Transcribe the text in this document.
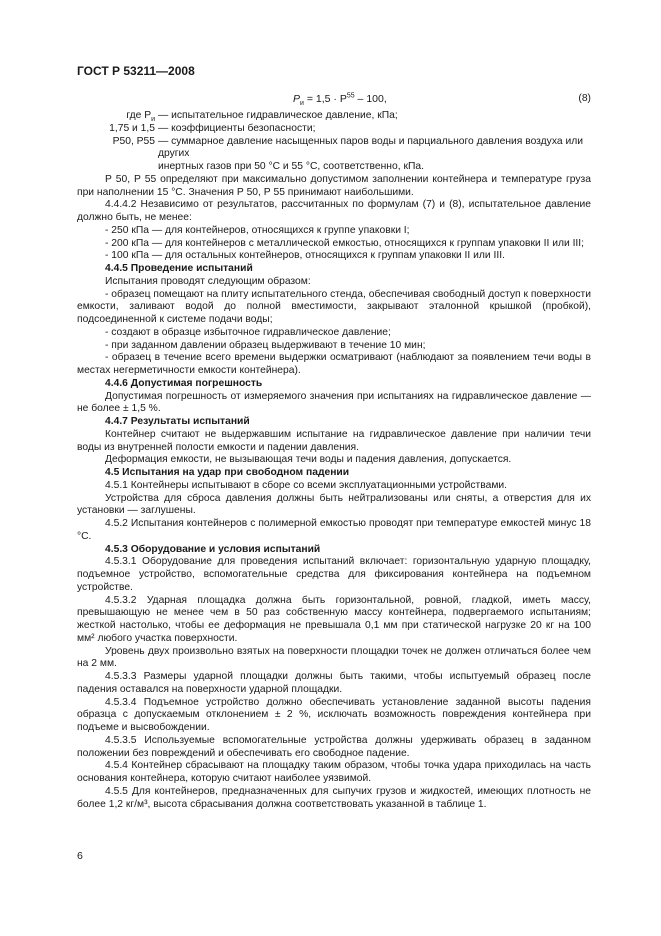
ГОСТ Р 53211—2008
$P_и = 1,5 \cdot P^{55} - 100$,	(8)
где $P_и$ — испытательное гидравлическое давление, кПа;
1,75 и 1,5 — коэффициенты безопасности;
P50, P55 — суммарное давление насыщенных паров воды и парциального давления воздуха или других
инертных газов при 50 °С и 55 °С, соответственно, кПа.

Р 50, Р 55 определяют при максимально допустимом заполнении контейнера и температуре груза при наполнении 15 °С. Значения Р 50, Р 55 принимают наибольшими.

4.4.4.2 Независимо от результатов, рассчитанных по формулам (7) и (8), испытательное давление должно быть, не менее:

- 250 кПа — для контейнеров, относящихся к группе упаковки I;

- 200 кПа — для контейнеров с металлической емкостью, относящихся к группам упаковки II или III;

- 100 кПа — для остальных контейнеров, относящихся к группам упаковки II или III.

4.4.5 Проведение испытаний

Испытания проводят следующим образом:

- образец помещают на плиту испытательного стенда, обеспечивая свободный доступ к поверхности емкости, заливают водой до полной вместимости, закрывают эталонной крышкой (пробкой), подсоединенной к системе подачи воды;

- создают в образце избыточное гидравлическое давление;

- при заданном давлении образец выдерживают в течение 10 мин;

- образец в течение всего времени выдержки осматривают (наблюдают за появлением течи воды в местах негерметичности емкости контейнера).

4.4.6 Допустимая погрешность

Допустимая погрешность от измеряемого значения при испытаниях на гидравлическое давление — не более ± 1,5 %.

4.4.7 Результаты испытаний

Контейнер считают не выдержавшим испытание на гидравлическое давление при наличии течи воды из внутренней полости емкости и падении давления.

Деформация емкости, не вызывающая течи воды и падения давления, допускается.

4.5 Испытания на удар при свободном падении

4.5.1 Контейнеры испытывают в сборе со всеми эксплуатационными устройствами.

Устройства для сброса давления должны быть нейтрализованы или сняты, а отверстия для их установки — заглушены.

4.5.2 Испытания контейнеров с полимерной емкостью проводят при температуре емкостей минус 18 °С.

4.5.3 Оборудование и условия испытаний

4.5.3.1 Оборудование для проведения испытаний включает: горизонтальную ударную площадку, подъемное устройство, вспомогательные средства для фиксирования контейнера на подъемном устройстве.

4.5.3.2 Ударная площадка должна быть горизонтальной, ровной, гладкой, иметь массу, превышающую не менее чем в 50 раз собственную массу контейнера, подвергаемого испытаниям; жесткой настолько, чтобы ее деформация не превышала 0,1 мм при статической нагрузке 20 кг на 100 мм² любого участка поверхности.

Уровень двух произвольно взятых на поверхности площадки точек не должен отличаться более чем на 2 мм.

4.5.3.3 Размеры ударной площадки должны быть такими, чтобы испытуемый образец после падения оставался на поверхности ударной площадки.

4.5.3.4 Подъемное устройство должно обеспечивать установление заданной высоты падения образца с допускаемым отклонением ± 2 %, исключать возможность повреждения контейнера при подъеме и высвобождении.

4.5.3.5 Используемые вспомогательные устройства должны удерживать образец в заданном положении без повреждений и обеспечивать его свободное падение.

4.5.4 Контейнер сбрасывают на площадку таким образом, чтобы точка удара приходилась на часть основания контейнера, которую считают наиболее уязвимой.

4.5.5 Для контейнеров, предназначенных для сыпучих грузов и жидкостей, имеющих плотность не более 1,2 кг/м³, высота сбрасывания должна соответствовать указанной в таблице 1.

6
